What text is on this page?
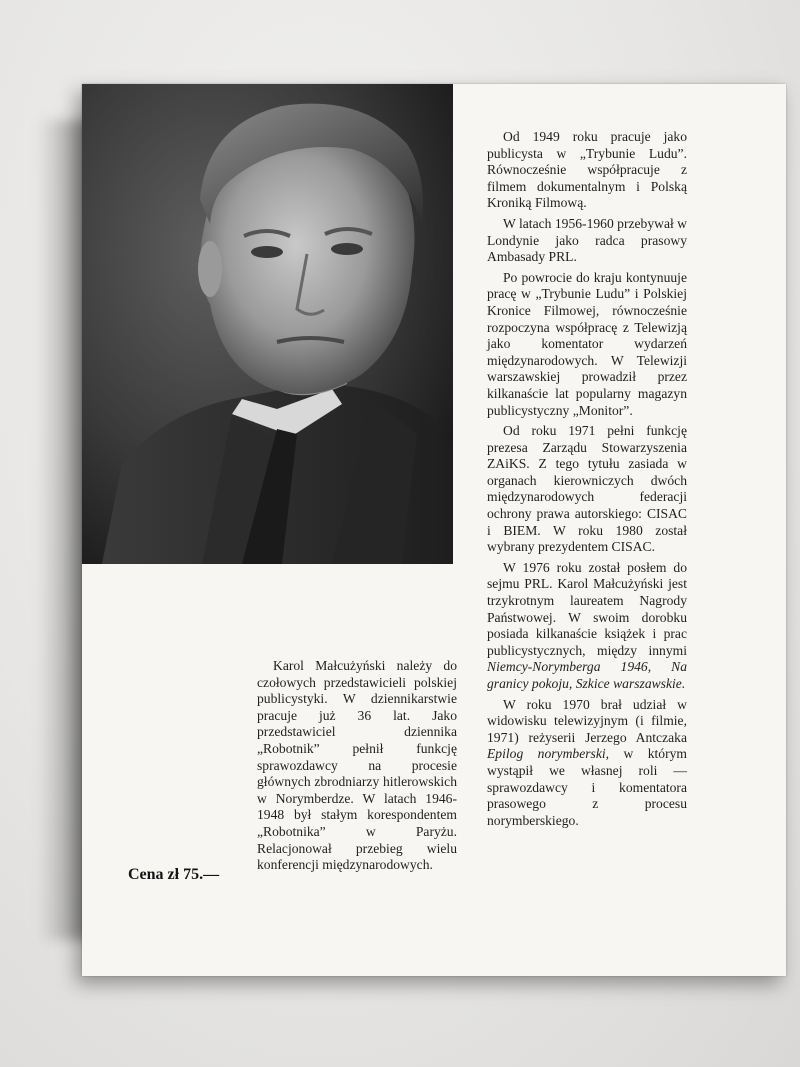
Od 1949 roku pracuje jako publicysta w „Trybunie Ludu”. Równocześnie współpracuje z filmem dokumentalnym i Polską Kroniką Filmową.

W latach 1956-1960 przebywał w Londynie jako radca prasowy Ambasady PRL.

Po powrocie do kraju kontynuuje pracę w „Trybunie Ludu” i Polskiej Kronice Filmowej, równocześnie rozpoczyna współpracę z Telewizją jako komentator wydarzeń międzynarodowych. W Telewizji warszawskiej prowadził przez kilkanaście lat popularny magazyn publicystyczny „Monitor”.

Od roku 1971 pełni funkcję prezesa Zarządu Stowarzyszenia ZAiKS. Z tego tytułu zasiada w organach kierowniczych dwóch międzynarodowych federacji ochrony prawa autorskiego: CISAC i BIEM. W roku 1980 został wybrany prezydentem CISAC.

W 1976 roku został posłem do sejmu PRL. Karol Małcużyński jest trzykrotnym laureatem Nagrody Państwowej. W swoim dorobku posiada kilkanaście książek i prac publicystycznych, między innymi Niemcy-Norymberga 1946, Na granicy pokoju, Szkice warszawskie.

W roku 1970 brał udział w widowisku telewizyjnym (i filmie, 1971) reżyserii Jerzego Antczaka Epilog norymberski, w którym wystąpił we własnej roli — sprawozdawcy i komentatora prasowego z procesu norymberskiego.

Karol Małcużyński należy do czołowych przedstawicieli polskiej publicystyki. W dziennikarstwie pracuje już 36 lat. Jako przedstawiciel dziennika „Robotnik” pełnił funkcję sprawozdawcy na procesie głównych zbrodniarzy hitlerowskich w Norymberdze. W latach 1946-1948 był stałym korespondentem „Robotnika” w Paryżu. Relacjonował przebieg wielu konferencji międzynarodowych.

Cena zł 75.—
